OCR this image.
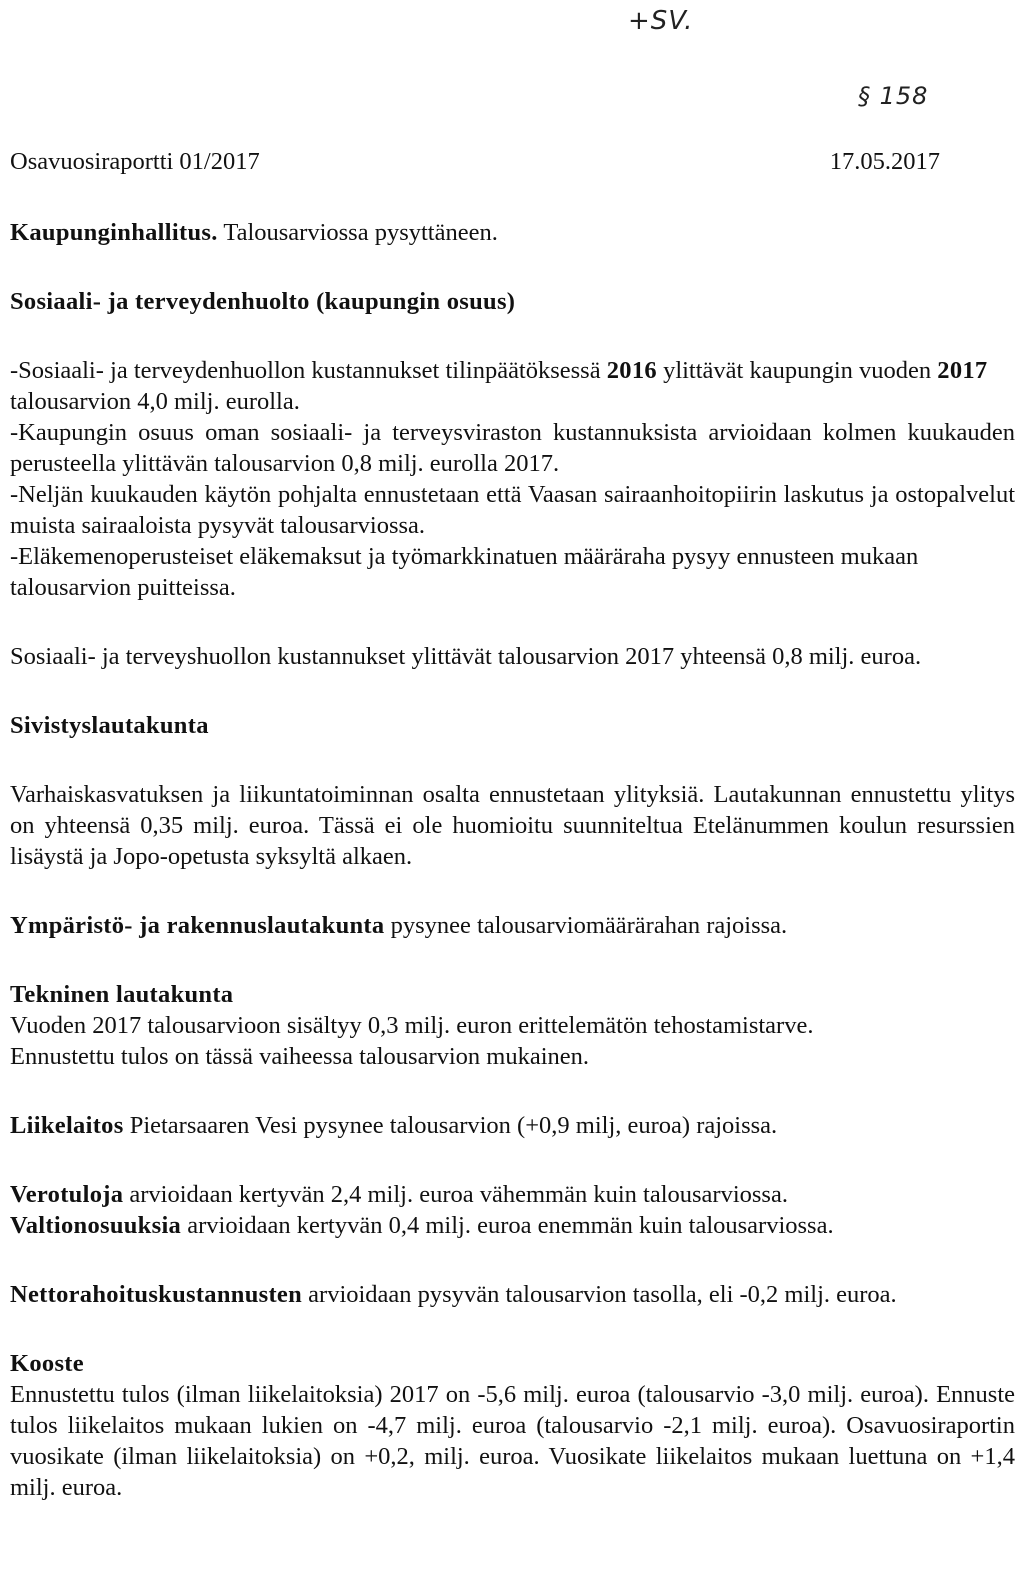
+SV.
§ 158
Osavuosiraportti 01/2017	17.05.2017

Kaupunginhallitus. Talousarviossa pysyttäneen.

Sosiaali- ja terveydenhuolto (kaupungin osuus)

-Sosiaali- ja terveydenhuollon kustannukset tilinpäätöksessä 2016 ylittävät kaupungin vuoden 2017 talousarvion 4,0 milj. eurolla.

-Kaupungin osuus oman sosiaali- ja terveysviraston kustannuksista arvioidaan kolmen kuukauden perusteella ylittävän talousarvion 0,8 milj. eurolla 2017.

-Neljän kuukauden käytön pohjalta ennustetaan että Vaasan sairaanhoitopiirin laskutus ja ostopalvelut muista sairaaloista pysyvät talousarviossa.

-Eläkemenoperusteiset eläkemaksut ja työmarkkinatuen määräraha pysyy ennusteen mukaan talousarvion puitteissa.

Sosiaali- ja terveyshuollon kustannukset ylittävät talousarvion 2017 yhteensä 0,8 milj. euroa.

Sivistyslautakunta

Varhaiskasvatuksen ja liikuntatoiminnan osalta ennustetaan ylityksiä. Lautakunnan ennustettu ylitys on yhteensä 0,35 milj. euroa. Tässä ei ole huomioitu suunniteltua Etelänummen koulun resurssien lisäystä ja Jopo-opetusta syksyltä alkaen.

Ympäristö- ja rakennuslautakunta pysynee talousarviomäärärahan rajoissa.

Tekninen lautakunta

Vuoden 2017 talousarvioon sisältyy 0,3 milj. euron erittelemätön tehostamistarve.

Ennustettu tulos on tässä vaiheessa talousarvion mukainen.

Liikelaitos Pietarsaaren Vesi pysynee talousarvion (+0,9 milj, euroa) rajoissa.

Verotuloja arvioidaan kertyvän 2,4 milj. euroa vähemmän kuin talousarviossa.

Valtionosuuksia arvioidaan kertyvän 0,4 milj. euroa enemmän kuin talousarviossa.

Nettorahoituskustannusten arvioidaan pysyvän talousarvion tasolla, eli -0,2 milj. euroa.

Kooste

Ennustettu tulos (ilman liikelaitoksia) 2017 on -5,6 milj. euroa (talousarvio -3,0 milj. euroa). Ennuste tulos liikelaitos mukaan lukien on -4,7 milj. euroa (talousarvio -2,1 milj. euroa). Osavuosiraportin vuosikate (ilman liikelaitoksia) on +0,2, milj. euroa. Vuosikate liikelaitos mukaan luettuna on +1,4 milj. euroa.
